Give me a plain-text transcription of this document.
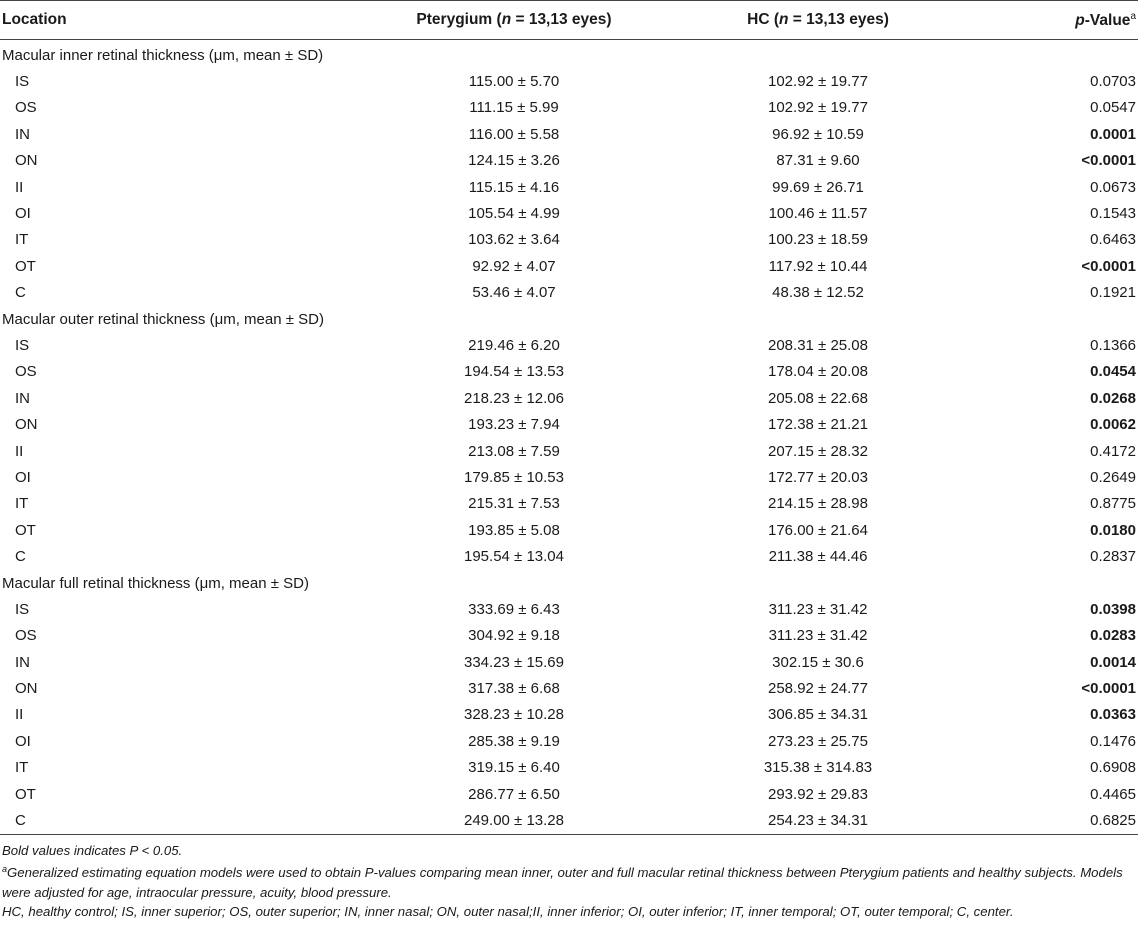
Location	Pterygium (n = 13,13 eyes)	HC (n = 13,13 eyes)	p-Value$^a$
Macular inner retinal thickness (μm, mean ± SD)			
IS	115.00 ± 5.70	102.92 ± 19.77	0.0703
OS	111.15 ± 5.99	102.92 ± 19.77	0.0547
IN	116.00 ± 5.58	96.92 ± 10.59	0.0001
ON	124.15 ± 3.26	87.31 ± 9.60	<0.0001
II	115.15 ± 4.16	99.69 ± 26.71	0.0673
OI	105.54 ± 4.99	100.46 ± 11.57	0.1543
IT	103.62 ± 3.64	100.23 ± 18.59	0.6463
OT	92.92 ± 4.07	117.92 ± 10.44	<0.0001
C	53.46 ± 4.07	48.38 ± 12.52	0.1921
Macular outer retinal thickness (μm, mean ± SD)			
IS	219.46 ± 6.20	208.31 ± 25.08	0.1366
OS	194.54 ± 13.53	178.04 ± 20.08	0.0454
IN	218.23 ± 12.06	205.08 ± 22.68	0.0268
ON	193.23 ± 7.94	172.38 ± 21.21	0.0062
II	213.08 ± 7.59	207.15 ± 28.32	0.4172
OI	179.85 ± 10.53	172.77 ± 20.03	0.2649
IT	215.31 ± 7.53	214.15 ± 28.98	0.8775
OT	193.85 ± 5.08	176.00 ± 21.64	0.0180
C	195.54 ± 13.04	211.38 ± 44.46	0.2837
Macular full retinal thickness (μm, mean ± SD)			
IS	333.69 ± 6.43	311.23 ± 31.42	0.0398
OS	304.92 ± 9.18	311.23 ± 31.42	0.0283
IN	334.23 ± 15.69	302.15 ± 30.6	0.0014
ON	317.38 ± 6.68	258.92 ± 24.77	<0.0001
II	328.23 ± 10.28	306.85 ± 34.31	0.0363
OI	285.38 ± 9.19	273.23 ± 25.75	0.1476
IT	319.15 ± 6.40	315.38 ± 314.83	0.6908
OT	286.77 ± 6.50	293.92 ± 29.83	0.4465
C	249.00 ± 13.28	254.23 ± 34.31	0.6825
Bold values indicates P < 0.05.
$^a$Generalized estimating equation models were used to obtain P-values comparing mean inner, outer and full macular retinal thickness between Pterygium patients and healthy subjects. Models were adjusted for age, intraocular pressure, acuity, blood pressure.
HC, healthy control; IS, inner superior; OS, outer superior; IN, inner nasal; ON, outer nasal;II, inner inferior; OI, outer inferior; IT, inner temporal; OT, outer temporal; C, center.
